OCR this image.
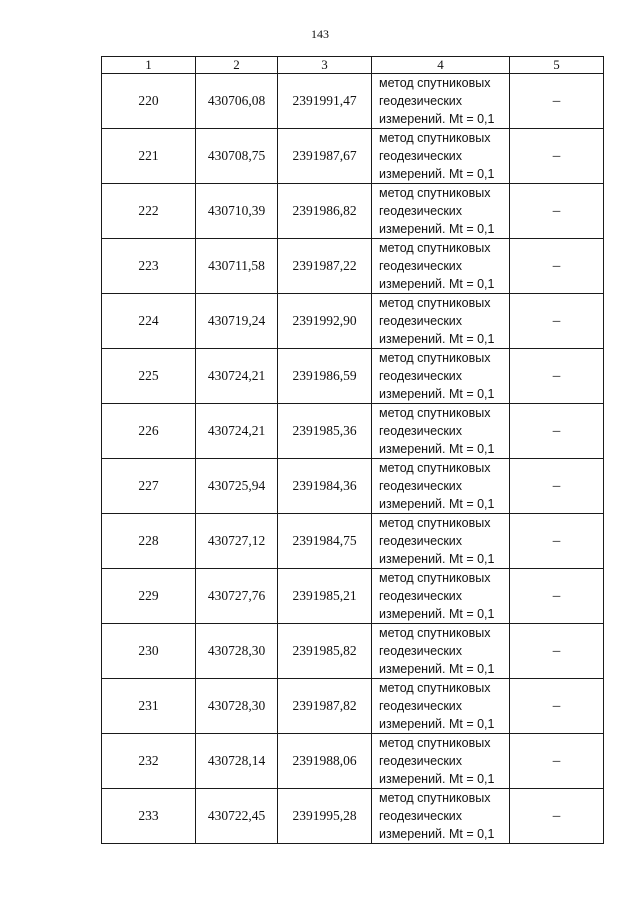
143
1	2	3	4	5
220	430706,08	2391991,47	метод спутниковых
геодезических
измерений. Mt = 0,1	–
221	430708,75	2391987,67	метод спутниковых
геодезических
измерений. Mt = 0,1	–
222	430710,39	2391986,82	метод спутниковых
геодезических
измерений. Mt = 0,1	–
223	430711,58	2391987,22	метод спутниковых
геодезических
измерений. Mt = 0,1	–
224	430719,24	2391992,90	метод спутниковых
геодезических
измерений. Mt = 0,1	–
225	430724,21	2391986,59	метод спутниковых
геодезических
измерений. Mt = 0,1	–
226	430724,21	2391985,36	метод спутниковых
геодезических
измерений. Mt = 0,1	–
227	430725,94	2391984,36	метод спутниковых
геодезических
измерений. Mt = 0,1	–
228	430727,12	2391984,75	метод спутниковых
геодезических
измерений. Mt = 0,1	–
229	430727,76	2391985,21	метод спутниковых
геодезических
измерений. Mt = 0,1	–
230	430728,30	2391985,82	метод спутниковых
геодезических
измерений. Mt = 0,1	–
231	430728,30	2391987,82	метод спутниковых
геодезических
измерений. Mt = 0,1	–
232	430728,14	2391988,06	метод спутниковых
геодезических
измерений. Mt = 0,1	–
233	430722,45	2391995,28	метод спутниковых
геодезических
измерений. Mt = 0,1	–
